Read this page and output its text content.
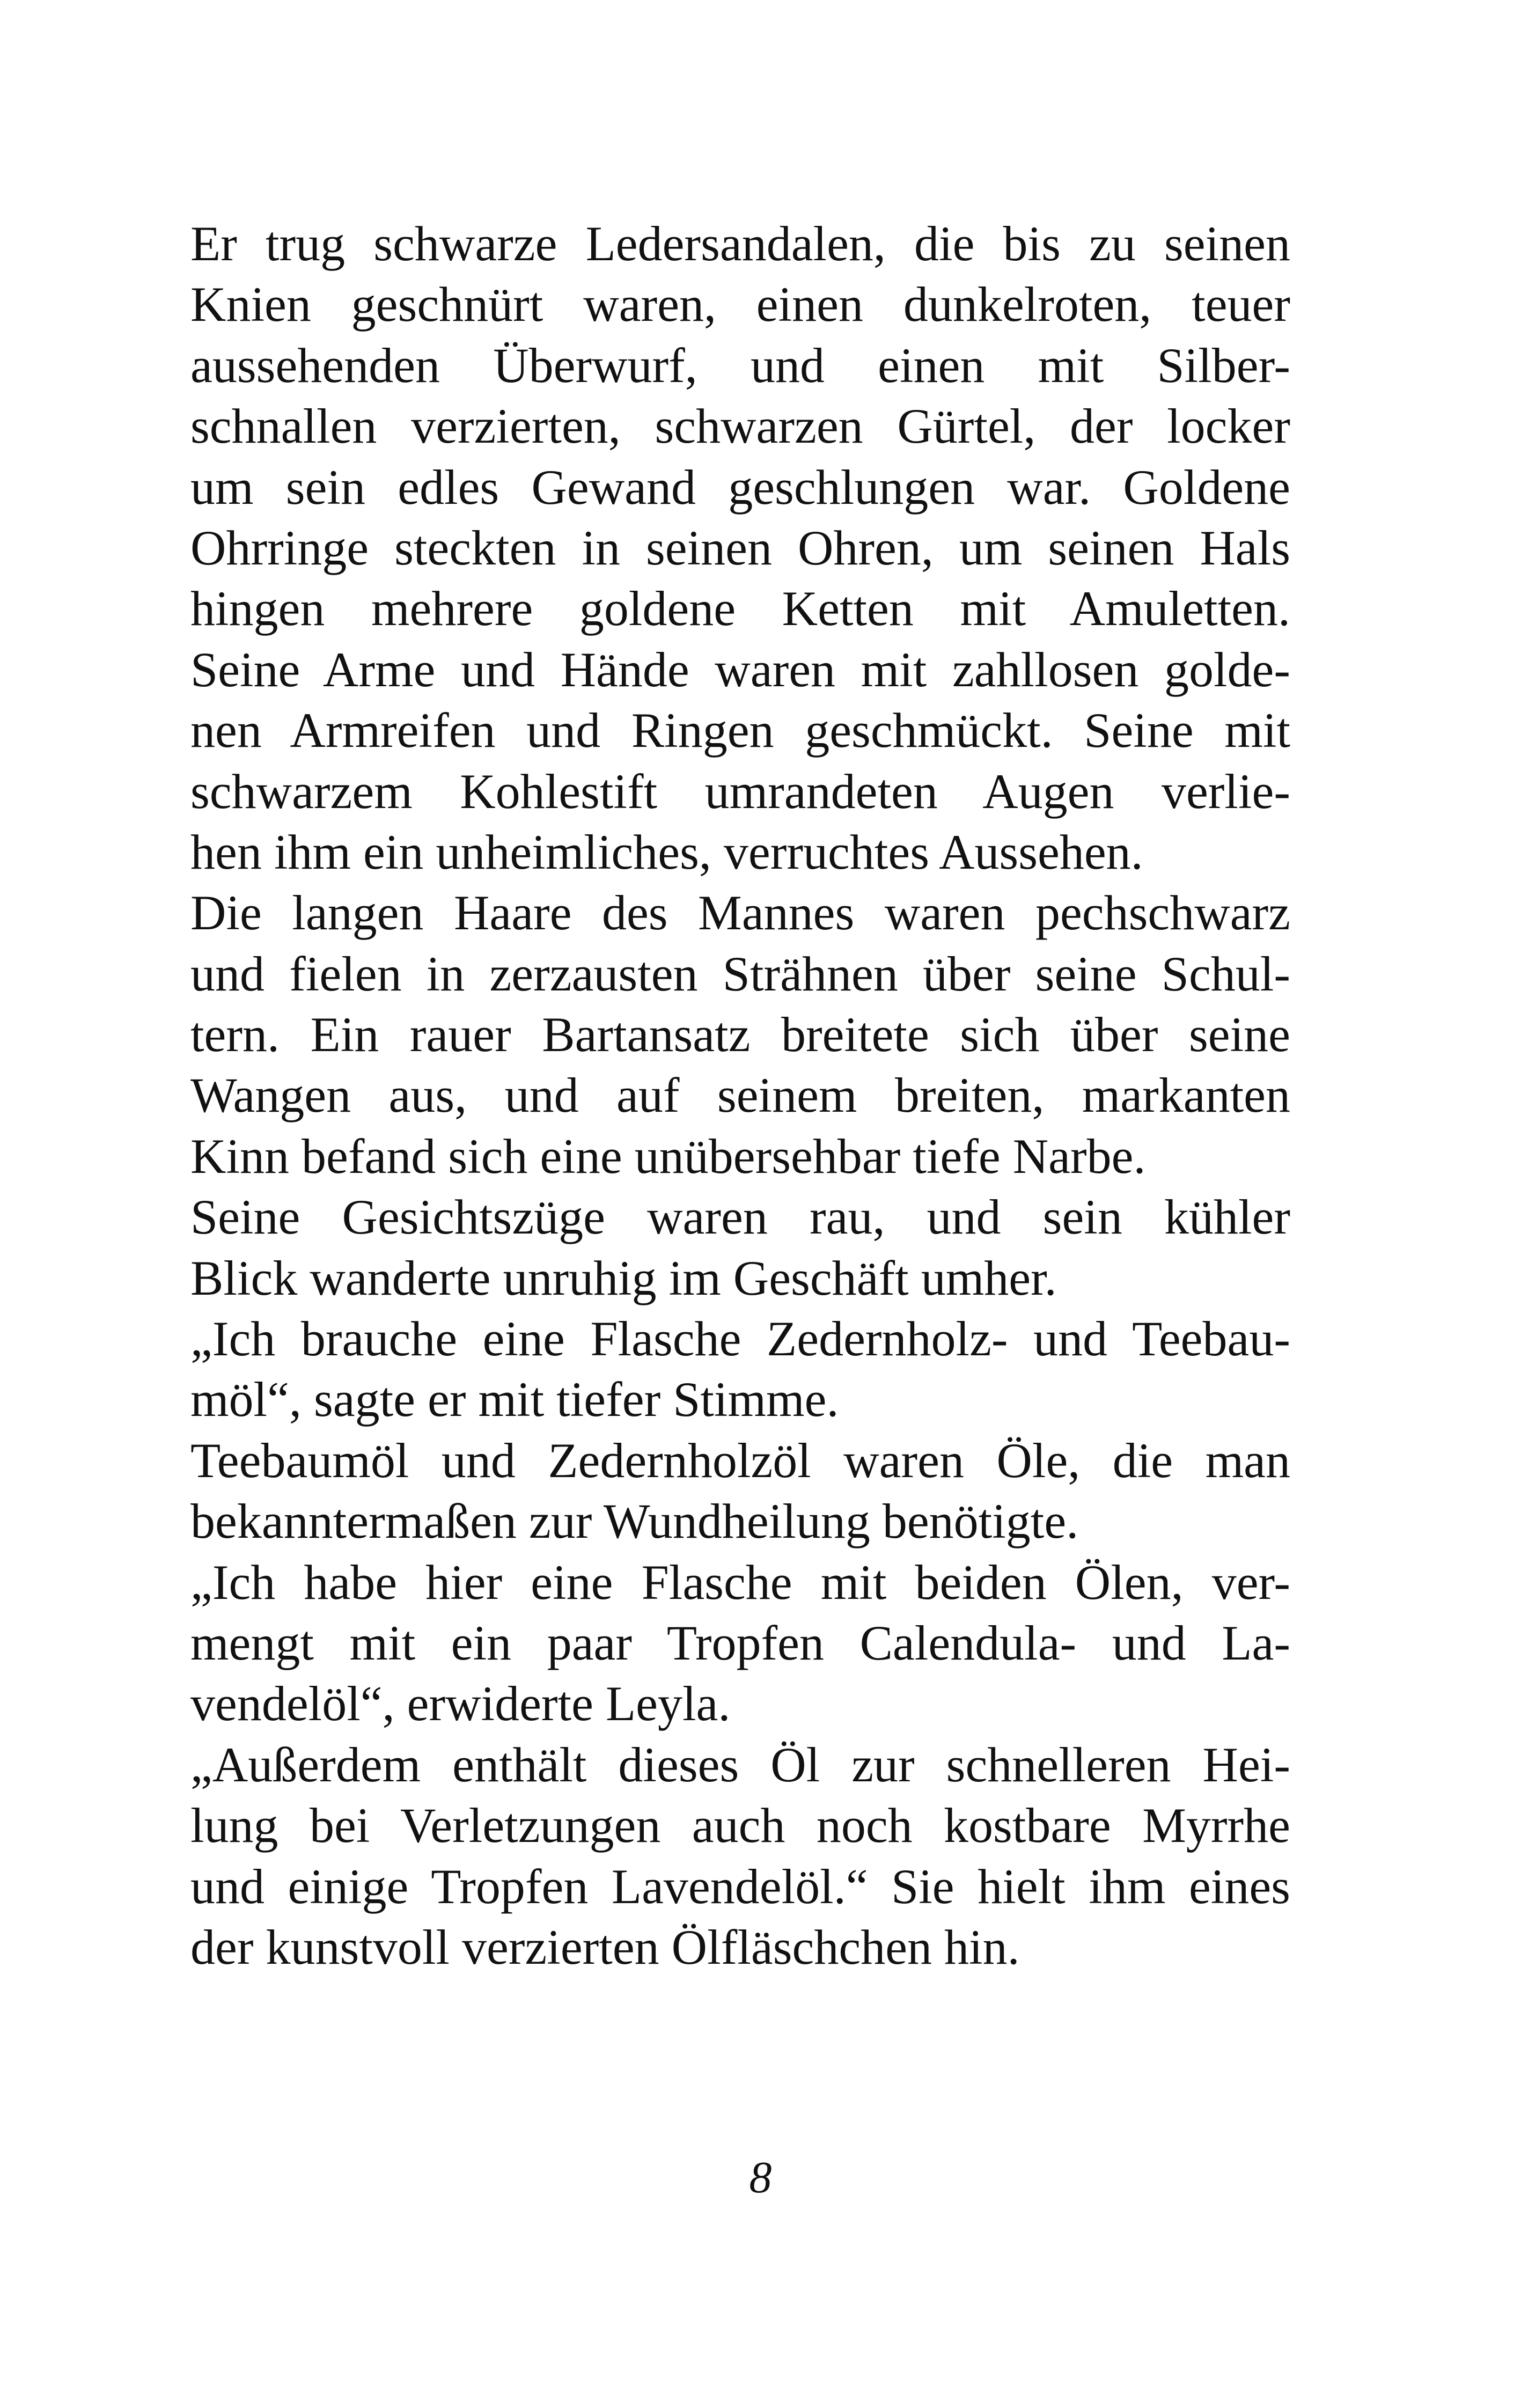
Er trug schwarze Ledersandalen, die bis zu seinen
Knien geschnürt waren, einen dunkelroten, teuer
aussehenden Überwurf, und einen mit Silber-
schnallen verzierten, schwarzen Gürtel, der locker
um sein edles Gewand geschlungen war. Goldene
Ohrringe steckten in seinen Ohren, um seinen Hals
hingen mehrere goldene Ketten mit Amuletten.
Seine Arme und Hände waren mit zahllosen golde-
nen Armreifen und Ringen geschmückt. Seine mit
schwarzem Kohlestift umrandeten Augen verlie-
hen ihm ein unheimliches, verruchtes Aussehen.
Die langen Haare des Mannes waren pechschwarz
und fielen in zerzausten Strähnen über seine Schul-
tern. Ein rauer Bartansatz breitete sich über seine
Wangen aus, und auf seinem breiten, markanten
Kinn befand sich eine unübersehbar tiefe Narbe.
Seine Gesichtszüge waren rau, und sein kühler
Blick wanderte unruhig im Geschäft umher.
„Ich brauche eine Flasche Zedernholz- und Teebau-
möl“, sagte er mit tiefer Stimme.
Teebaumöl und Zedernholzöl waren Öle, die man
bekanntermaßen zur Wundheilung benötigte.
„Ich habe hier eine Flasche mit beiden Ölen, ver-
mengt mit ein paar Tropfen Calendula- und La-
vendelöl“, erwiderte Leyla.
„Außerdem enthält dieses Öl zur schnelleren Hei-
lung bei Verletzungen auch noch kostbare Myrrhe
und einige Tropfen Lavendelöl.“ Sie hielt ihm eines
der kunstvoll verzierten Ölfläschchen hin.
8
